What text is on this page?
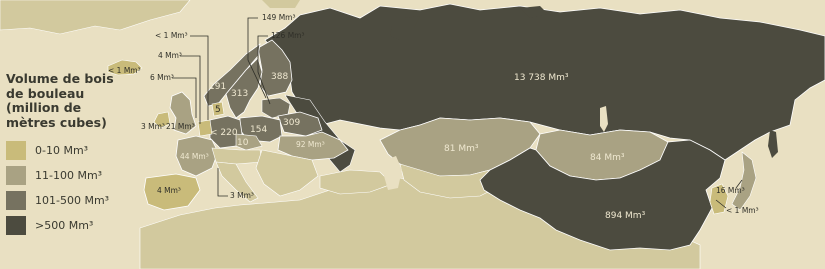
Volume de bois
de bouleau
(million de
mètres cubes)
0-10 Mm³
11-100 Mm³
101-500 Mm³
>500 Mm³
13 738 Mm³
81 Mm³
84 Mm³
894 Mm³
16 Mm³
< 1 Mm³
< 1 Mm³
21 Mm³
3 Mm³
44 Mm³
4 Mm³
< 220 154
10	92 Mm³
309
388
313
191
5
3 Mm³
6 Mm³
4 Mm³
< 1 Mm³
149 Mm³
126 Mm³
